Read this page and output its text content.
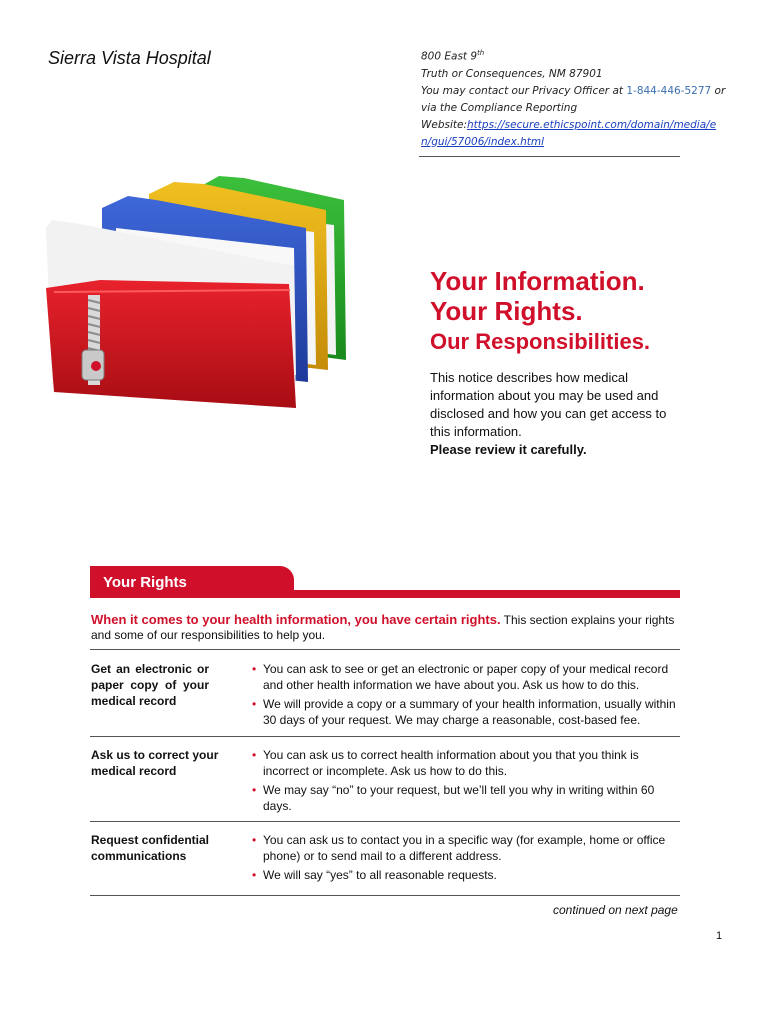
Sierra Vista Hospital	800 East 9th
Truth or Consequences, NM 87901
You may contact our Privacy Officer at 1-844-446-5277 or
via the Compliance Reporting
Website:https://secure.ethicspoint.com/domain/media/en/gui/57006/index.html
Your Information.
Your Rights.
Our Responsibilities.
This notice describes how medical information about you may be used and disclosed and how you can get access to this information.
Please review it carefully.
Your Rights
When it comes to your health information, you have certain rights. This section explains your rights and some of our responsibilities to help you.
Get an electronic or paper copy of your medical record
• You can ask to see or get an electronic or paper copy of your medical record and other health information we have about you. Ask us how to do this.
• We will provide a copy or a summary of your health information, usually within 30 days of your request. We may charge a reasonable, cost-based fee.
Ask us to correct your medical record
• You can ask us to correct health information about you that you think is incorrect or incomplete. Ask us how to do this.
• We may say “no” to your request, but we’ll tell you why in writing within 60 days.
Request confidential communications
• You can ask us to contact you in a specific way (for example, home or office phone) or to send mail to a different address.
• We will say “yes” to all reasonable requests.
continued on next page
1
